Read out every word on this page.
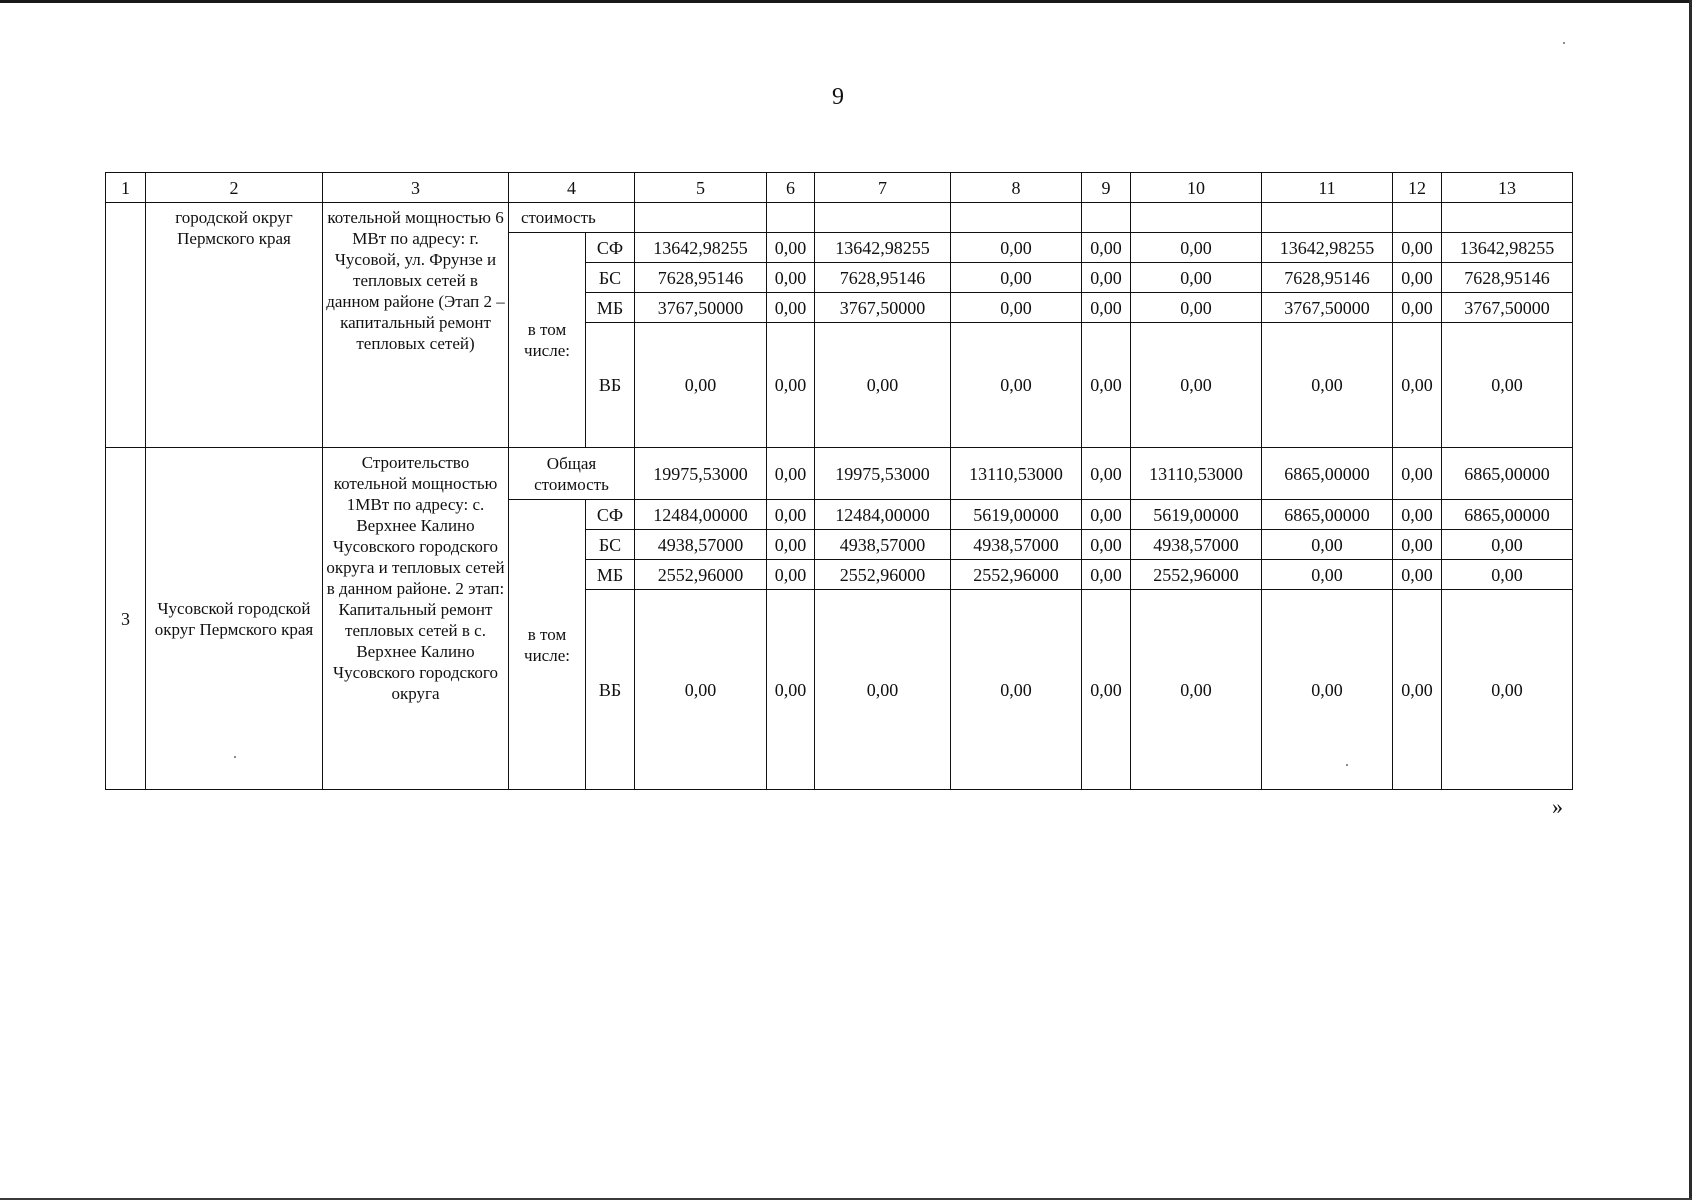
9
1	2	3	4		5	6	7	8	9	10	11	12	13
	городской округ Пермского края	котельной мощностью 6 МВт по адресу: г. Чусовой, ул. Фрунзе и тепловых сетей в данном районе (Этап 2 – капитальный ремонт тепловых сетей)	стоимость										
			в том числе:	СФ	13642,98255	0,00	13642,98255	0,00	0,00	0,00	13642,98255	0,00	13642,98255
				БС	7628,95146	0,00	7628,95146	0,00	0,00	0,00	7628,95146	0,00	7628,95146
				МБ	3767,50000	0,00	3767,50000	0,00	0,00	0,00	3767,50000	0,00	3767,50000
				ВБ	0,00	0,00	0,00	0,00	0,00	0,00	0,00	0,00	0,00
3	Чусовской городской округ Пермского края	Строительство котельной мощностью 1МВт по адресу: с. Верхнее Калино Чусовского городского округа и тепловых сетей в данном районе. 2 этап: Капитальный ремонт тепловых сетей в с. Верхнее Калино Чусовского городского округа	Общая стоимость		19975,53000	0,00	19975,53000	13110,53000	0,00	13110,53000	6865,00000	0,00	6865,00000
			в том числе:	СФ	12484,00000	0,00	12484,00000	5619,00000	0,00	5619,00000	6865,00000	0,00	6865,00000
				БС	4938,57000	0,00	4938,57000	4938,57000	0,00	4938,57000	0,00	0,00	0,00
				МБ	2552,96000	0,00	2552,96000	2552,96000	0,00	2552,96000	0,00	0,00	0,00
				ВБ	0,00	0,00	0,00	0,00	0,00	0,00	0,00	0,00	0,00
»
